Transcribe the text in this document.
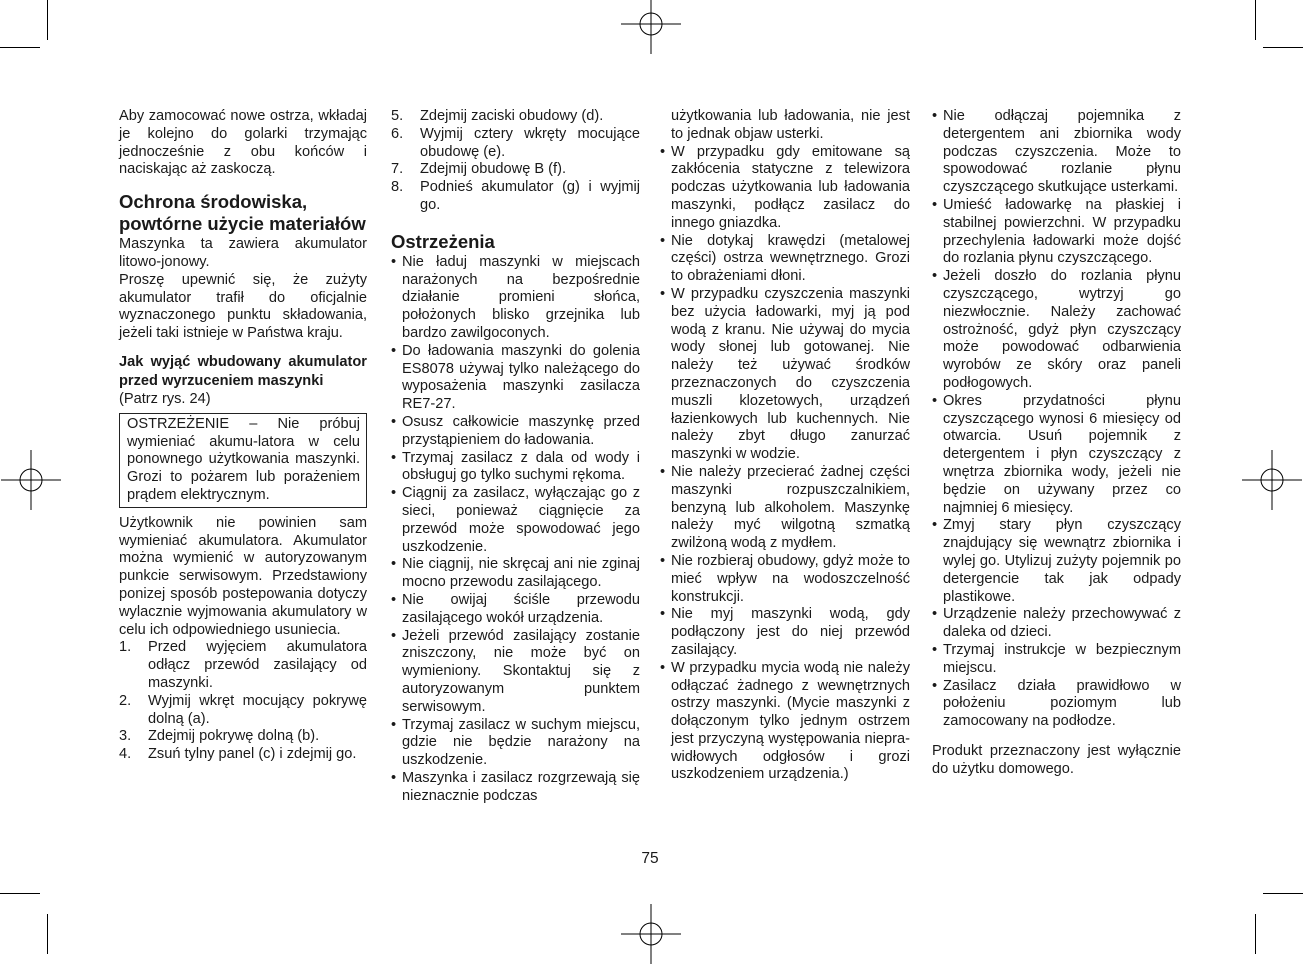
Aby zamocować nowe ostrza, wkładaj je kolejno do golarki trzymając jednocześnie z obu końców i naciskając aż zaskoczą.

Ochrona środowiska, powtórne użycie materiałów

Maszynka ta zawiera akumulator litowo-jonowy.

Proszę upewnić się, że zużyty akumulator trafił do oficjalnie wyznaczonego punktu składowania, jeżeli taki istnieje w Państwa kraju.

Jak wyjąć wbudowany akumulator przed wyrzuceniem maszynki

(Patrz rys. 24)

OSTRZEŻENIE – Nie próbuj wymieniać akumu-latora w celu ponownego użytkowania maszynki. Grozi to pożarem lub porażeniem prądem elektrycznym.

Użytkownik nie powinien sam wymieniać akumulatora. Akumulator można wymienić w autoryzowanym punkcie serwisowym. Przedstawiony ponizej sposób postepowania dotyczy wylacznie wyjmowania akumulatory w celu ich odpowiedniego usuniecia.

1. Przed wyjęciem akumulatora odłącz przewód zasilający od maszynki.
2. Wyjmij wkręt mocujący pokrywę dolną (a).
3. Zdejmij pokrywę dolną (b).
4. Zsuń tylny panel (c) i zdejmij go.
5. Zdejmij zaciski obudowy (d).
6. Wyjmij cztery wkręty mocujące obudowę (e).
7. Zdejmij obudowę B (f).
8. Podnieś akumulator (g) i wyjmij go.
Ostrzeżenia
• Nie ładuj maszynki w miejscach narażonych na bezpośrednie działanie promieni słońca, położonych blisko grzejnika lub bardzo zawilgoconych.
• Do ładowania maszynki do golenia ES8078 używaj tylko należącego do wyposażenia maszynki zasilacza RE7-27.
• Osusz całkowicie maszynkę przed przystąpieniem do ładowania.
• Trzymaj zasilacz z dala od wody i obsługuj go tylko suchymi rękoma.
• Ciągnij za zasilacz, wyłączając go z sieci, ponieważ ciągnięcie za przewód może spowodować jego uszkodzenie.
• Nie ciągnij, nie skręcaj ani nie zginaj mocno przewodu zasilającego.
• Nie owijaj ściśle przewodu zasilającego wokół urządzenia.
• Jeżeli przewód zasilający zostanie zniszczony, nie może być on wymieniony. Skontaktuj się z autoryzowanym punktem serwisowym.
• Trzymaj zasilacz w suchym miejscu, gdzie nie będzie narażony na uszkodzenie.
• Maszynka i zasilacz rozgrzewają się nieznacznie podczas

użytkowania lub ładowania, nie jest to jednak objaw usterki.

• W przypadku gdy emitowane są zakłócenia statyczne z telewizora podczas użytkowania lub ładowania maszynki, podłącz zasilacz do innego gniazdka.
• Nie dotykaj krawędzi (metalowej części) ostrza wewnętrznego. Grozi to obrażeniami dłoni.
• W przypadku czyszczenia maszynki bez użycia ładowarki, myj ją pod wodą z kranu. Nie używaj do mycia wody słonej lub gotowanej. Nie należy też używać środków przeznaczonych do czyszczenia muszli klozetowych, urządzeń łazienkowych lub kuchennych. Nie należy zbyt długo zanurzać maszynki w wodzie.
• Nie należy przecierać żadnej części maszynki rozpuszczalnikiem, benzyną lub alkoholem. Maszynkę należy myć wilgotną szmatką zwilżoną wodą z mydłem.
• Nie rozbieraj obudowy, gdyż może to mieć wpływ na wodoszczelność konstrukcji.
• Nie myj maszynki wodą, gdy podłączony jest do niej przewód zasilający.
• W przypadku mycia wodą nie należy odłączać żadnego z wewnętrznych ostrzy maszynki. (Mycie maszynki z dołączonym tylko jednym ostrzem jest przyczyną występowania niepra-widłowych odgłosów i grozi uszkodzeniem urządzenia.)
• Nie odłączaj pojemnika z detergentem ani zbiornika wody podczas czyszczenia. Może to spowodować rozlanie płynu czyszczącego skutkujące usterkami.
• Umieść ładowarkę na płaskiej i stabilnej powierzchni. W przypadku przechylenia ładowarki może dojść do rozlania płynu czyszczącego.
• Jeżeli doszło do rozlania płynu czyszczącego, wytrzyj go niezwłocznie. Należy zachować ostrożność, gdyż płyn czyszczący może powodować odbarwienia wyrobów ze skóry oraz paneli podłogowych.
• Okres przydatności płynu czyszczącego wynosi 6 miesięcy od otwarcia. Usuń pojemnik z detergentem i płyn czyszczący z wnętrza zbiornika wody, jeżeli nie będzie on używany przez co najmniej 6 miesięcy.
• Zmyj stary płyn czyszczący znajdujący się wewnątrz zbiornika i wylej go. Utylizuj zużyty pojemnik po detergencie tak jak odpady plastikowe.
• Urządzenie należy przechowywać z daleka od dzieci.
• Trzymaj instrukcje w bezpiecznym miejscu.
• Zasilacz działa prawidłowo w położeniu poziomym lub zamocowany na podłodze.

Produkt przeznaczony jest wyłącznie do użytku domowego.

75
